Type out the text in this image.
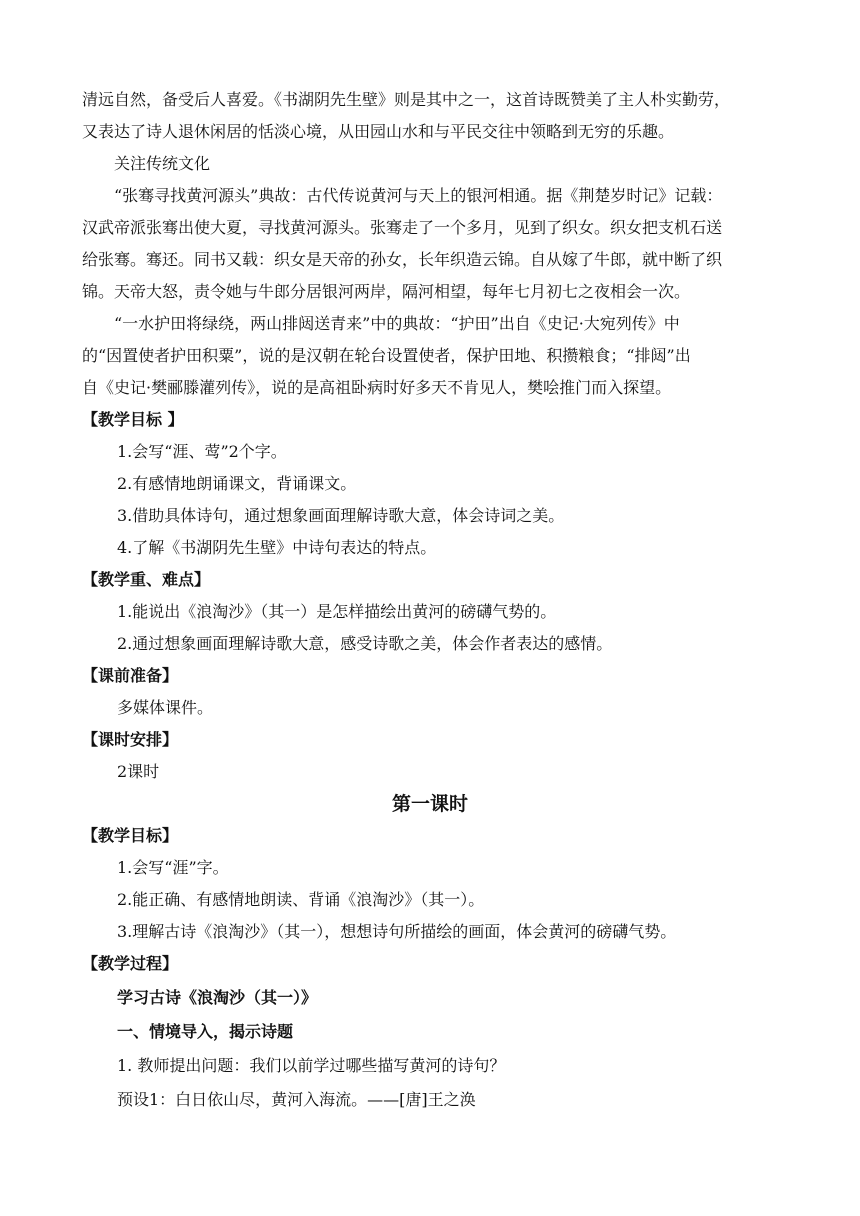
清远自然，备受后人喜爱。《书湖阴先生壁》则是其中之一，这首诗既赞美了主人朴实勤劳，
又表达了诗人退休闲居的恬淡心境，从田园山水和与平民交往中领略到无穷的乐趣。
关注传统文化
“张骞寻找黄河源头”典故：古代传说黄河与天上的银河相通。据《荆楚岁时记》记载：
汉武帝派张骞出使大夏，寻找黄河源头。张骞走了一个多月，见到了织女。织女把支机石送
给张骞。骞还。同书又载：织女是天帝的孙女，长年织造云锦。自从嫁了牛郎，就中断了织
锦。天帝大怒，责令她与牛郎分居银河两岸，隔河相望，每年七月初七之夜相会一次。
“一水护田将绿绕，两山排闼送青来”中的典故：“护田”出自《史记·大宛列传》中
的“因置使者护田积粟”，说的是汉朝在轮台设置使者，保护田地、积攒粮食；“排闼”出
自《史记·樊郦滕灌列传》，说的是高祖卧病时好多天不肯见人，樊哙推门而入探望。
【教学目标 】
1.会写“涯、莺”2个字。
2.有感情地朗诵课文，背诵课文。
3.借助具体诗句，通过想象画面理解诗歌大意，体会诗词之美。
4.了解《书湖阴先生壁》中诗句表达的特点。
【教学重、难点】
1.能说出《浪淘沙》（其一）是怎样描绘出黄河的磅礴气势的。
2.通过想象画面理解诗歌大意，感受诗歌之美，体会作者表达的感情。
【课前准备】
多媒体课件。
【课时安排】
2课时
第一课时
【教学目标】
1.会写“涯”字。
2.能正确、有感情地朗读、背诵《浪淘沙》（其一）。
3.理解古诗《浪淘沙》（其一），想想诗句所描绘的画面，体会黄河的磅礴气势。
【教学过程】
学习古诗《浪淘沙（其一）》
一、情境导入，揭示诗题
1. 教师提出问题：我们以前学过哪些描写黄河的诗句？
预设1：白日依山尽，黄河入海流。——[唐]王之涣
